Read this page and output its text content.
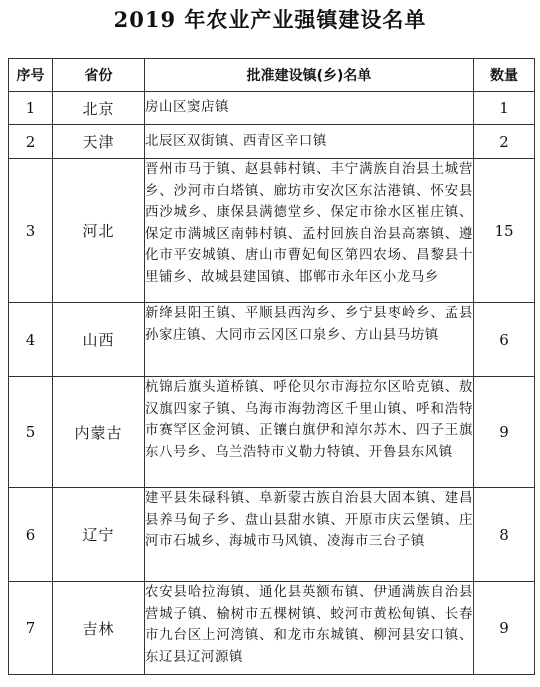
2019 年农业产业强镇建设名单
序号	省份	批准建设镇(乡)名单	数量
1	北京	房山区窦店镇	1
2	天津	北辰区双街镇、西青区辛口镇	2
3	河北	晋州市马于镇、赵县韩村镇、丰宁满族自治县土城营乡、沙河市白塔镇、廊坊市安次区东沽港镇、怀安县西沙城乡、康保县满德堂乡、保定市徐水区崔庄镇、保定市满城区南韩村镇、孟村回族自治县高寨镇、遵化市平安城镇、唐山市曹妃甸区第四农场、昌黎县十里铺乡、故城县建国镇、邯郸市永年区小龙马乡	15
4	山西	新绛县阳王镇、平顺县西沟乡、乡宁县枣岭乡、孟县孙家庄镇、大同市云冈区口泉乡、方山县马坊镇	6
5	内蒙古	杭锦后旗头道桥镇、呼伦贝尔市海拉尔区哈克镇、敖汉旗四家子镇、乌海市海勃湾区千里山镇、呼和浩特市赛罕区金河镇、正镶白旗伊和淖尔苏木、四子王旗东八号乡、乌兰浩特市义勒力特镇、开鲁县东风镇	9
6	辽宁	建平县朱碌科镇、阜新蒙古族自治县大固本镇、建昌县养马甸子乡、盘山县甜水镇、开原市庆云堡镇、庄河市石城乡、海城市马风镇、凌海市三台子镇	8
7	吉林	农安县哈拉海镇、通化县英额布镇、伊通满族自治县营城子镇、榆树市五棵树镇、蛟河市黄松甸镇、长春市九台区上河湾镇、和龙市东城镇、柳河县安口镇、东辽县辽河源镇	9
